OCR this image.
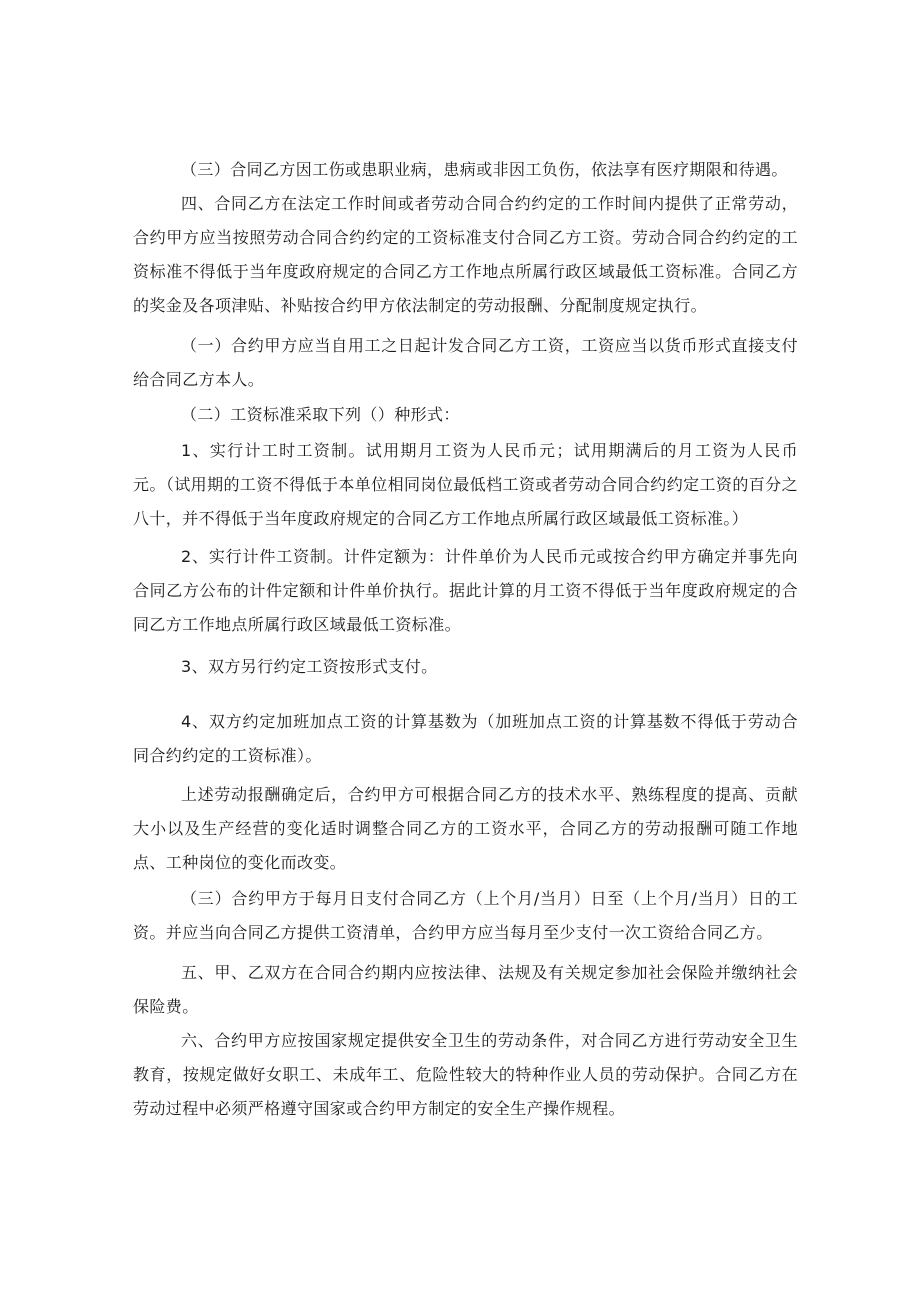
（三）合同乙方因工伤或患职业病，患病或非因工负伤，依法享有医疗期限和待遇。

四、合同乙方在法定工作时间或者劳动合同合约约定的工作时间内提供了正常劳动，合约甲方应当按照劳动合同合约约定的工资标准支付合同乙方工资。劳动合同合约约定的工资标准不得低于当年度政府规定的合同乙方工作地点所属行政区域最低工资标准。合同乙方的奖金及各项津贴、补贴按合约甲方依法制定的劳动报酬、分配制度规定执行。

（一）合约甲方应当自用工之日起计发合同乙方工资，工资应当以货币形式直接支付给合同乙方本人。

（二）工资标准采取下列（）种形式：

1、实行计工时工资制。试用期月工资为人民币元；试用期满后的月工资为人民币元。（试用期的工资不得低于本单位相同岗位最低档工资或者劳动合同合约约定工资的百分之八十，并不得低于当年度政府规定的合同乙方工作地点所属行政区域最低工资标准。）

2、实行计件工资制。计件定额为：计件单价为人民币元或按合约甲方确定并事先向合同乙方公布的计件定额和计件单价执行。据此计算的月工资不得低于当年度政府规定的合同乙方工作地点所属行政区域最低工资标准。

3、双方另行约定工资按形式支付。

4、双方约定加班加点工资的计算基数为（加班加点工资的计算基数不得低于劳动合同合约约定的工资标准）。

上述劳动报酬确定后，合约甲方可根据合同乙方的技术水平、熟练程度的提高、贡献大小以及生产经营的变化适时调整合同乙方的工资水平，合同乙方的劳动报酬可随工作地点、工种岗位的变化而改变。

（三）合约甲方于每月日支付合同乙方（上个月/当月）日至（上个月/当月）日的工资。并应当向合同乙方提供工资清单，合约甲方应当每月至少支付一次工资给合同乙方。

五、甲、乙双方在合同合约期内应按法律、法规及有关规定参加社会保险并缴纳社会保险费。

六、合约甲方应按国家规定提供安全卫生的劳动条件，对合同乙方进行劳动安全卫生教育，按规定做好女职工、未成年工、危险性较大的特种作业人员的劳动保护。合同乙方在劳动过程中必须严格遵守国家或合约甲方制定的安全生产操作规程。
